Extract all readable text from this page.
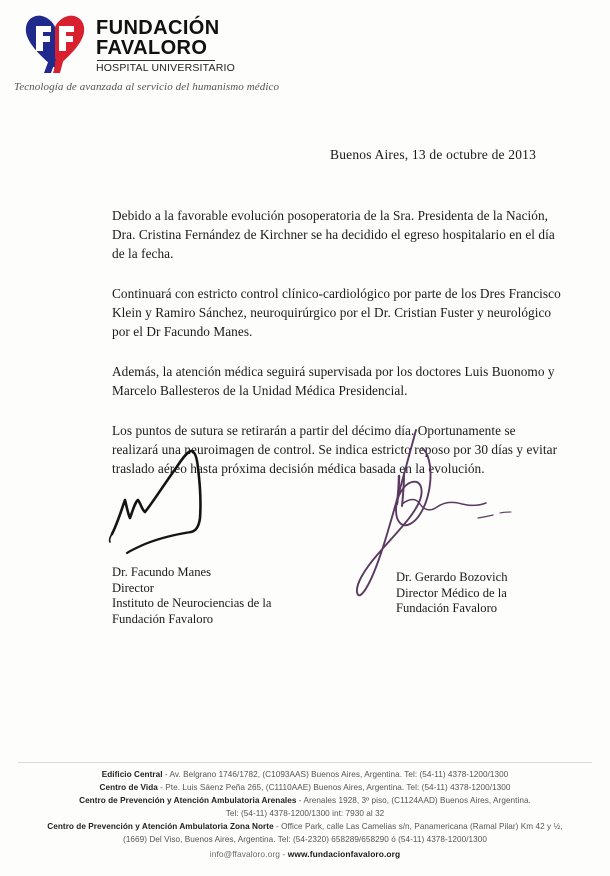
FUNDACIÓN
FAVALORO
HOSPITAL UNIVERSITARIO
Tecnología de avanzada al servicio del humanismo médico
Buenos Aires, 13 de octubre de 2013

Debido a la favorable evolución posoperatoria de la Sra. Presidenta de la Nación, Dra. Cristina Fernández de Kirchner se ha decidido el egreso hospitalario en el día de la fecha.

Continuará con estricto control clínico-cardiológico por parte de los Dres Francisco Klein y Ramiro Sánchez, neuroquirúrgico por el Dr. Cristian Fuster y neurológico por el Dr Facundo Manes.

Además, la atención médica seguirá supervisada por los doctores Luis Buonomo y Marcelo Ballesteros de la Unidad Médica Presidencial.

Los puntos de sutura se retirarán a partir del décimo día. Oportunamente se realizará una neuroimagen de control. Se indica estricto reposo por 30 días y evitar traslado aéreo hasta próxima decisión médica basada en la evolución.

Dr. Facundo Manes
Director
Instituto de Neurociencias de la
Fundación Favaloro
Dr. Gerardo Bozovich
Director Médico de la
Fundación Favaloro
Edificio Central - Av. Belgrano 1746/1782, (C1093AAS) Buenos Aires, Argentina. Tel: (54-11) 4378-1200/1300
Centro de Vida - Pte. Luis Sáenz Peña 265, (C1110AAE) Buenos Aires, Argentina. Tel: (54-11) 4378-1200/1300
Centro de Prevención y Atención Ambulatoria Arenales - Arenales 1928, 3º piso, (C1124AAD) Buenos Aires, Argentina.
Tel: (54-11) 4378-1200/1300 int: 7930 al 32
Centro de Prevención y Atención Ambulatoria Zona Norte - Office Park, calle Las Camelias s/n, Panamericana (Ramal Pilar) Km 42 y ½,
(1669) Del Viso, Buenos Aires, Argentina. Tel: (54-2320) 658289/658290 ó (54-11) 4378-1200/1300
info@ffavaloro.org - www.fundacionfavaloro.org
